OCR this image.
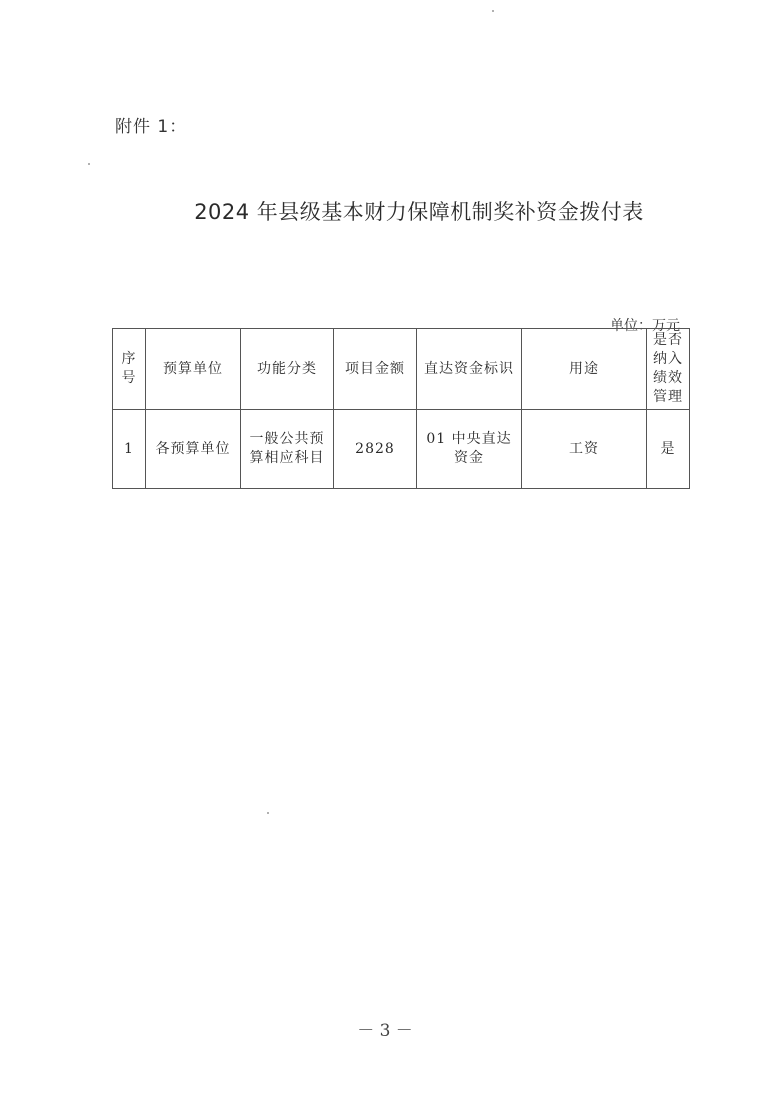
附件 1：
2024 年县级基本财力保障机制奖补资金拨付表
单位：万元
序号	预算单位	功能分类	项目金额	直达资金标识	用途	是否纳入绩效管理
1	各预算单位	一般公共预算相应科目	2828	01 中央直达资金	工资	是
－ 3 －
